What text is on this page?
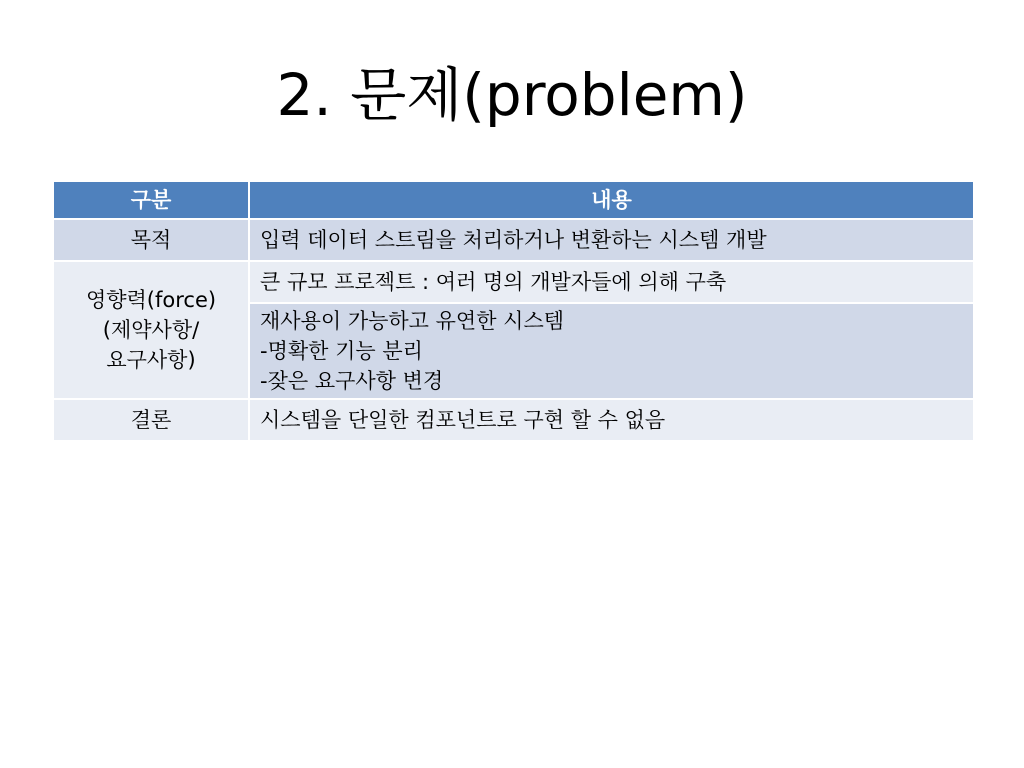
2. 문제(problem)
구분	내용
목적	입력 데이터 스트림을 처리하거나 변환하는 시스템 개발

영향력(force)
(제약사항/
요구사항)	큰 규모 프로젝트 : 여러 명의 개발자들에 의해 구축

	재사용이 가능하고 유연한 시스템
-명확한 기능 분리
-잦은 요구사항 변경

결론	시스템을 단일한 컴포넌트로 구현 할 수 없음
